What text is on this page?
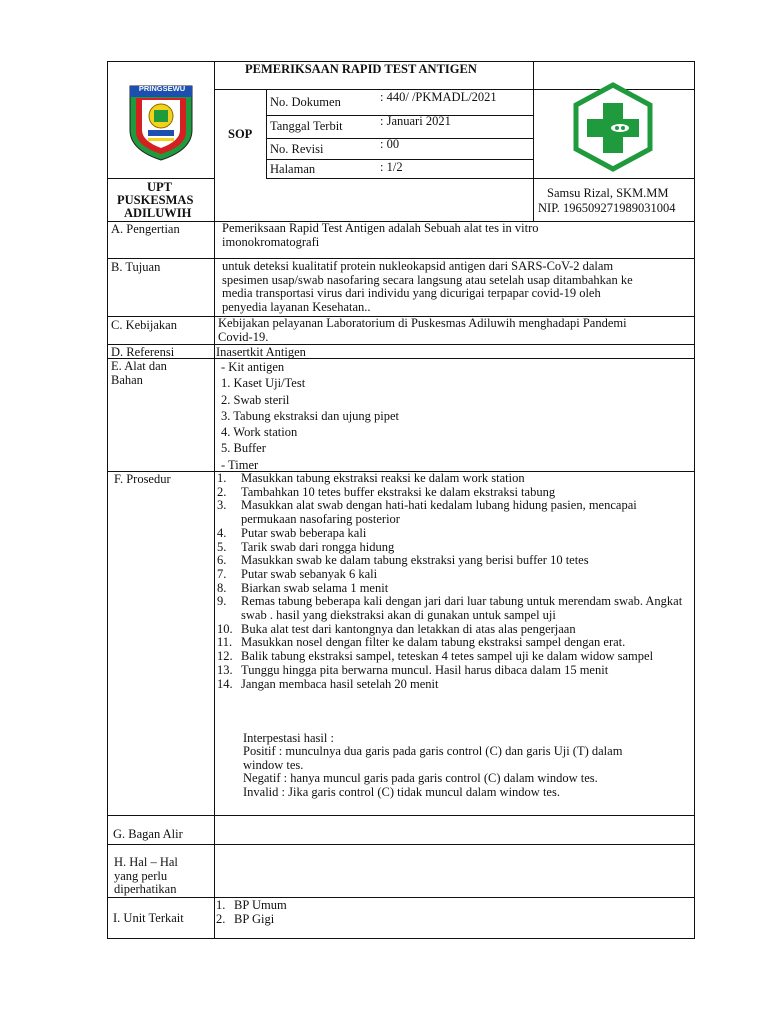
PRINGSEWU
PEMERIKSAAN RAPID TEST ANTIGEN
SOP
No. Dokumen	: 440/ /PKMADL/2021
Tanggal Terbit	: Januari 2021
No. Revisi	: 00
Halaman	: 1/2
UPT
PUSKESMAS
ADILUWIH
Samsu Rizal, SKM.MM
NIP. 196509271989031004
A. Pengertian	Pemeriksaan Rapid Test Antigen adalah Sebuah alat tes in vitro
imonokromatografi
B. Tujuan	untuk deteksi kualitatif protein nukleokapsid antigen dari SARS-CoV-2 dalam
spesimen usap/swab nasofaring secara langsung atau setelah usap ditambahkan ke
media transportasi virus dari individu yang dicurigai terpapar covid-19 oleh
penyedia layanan Kesehatan..
C. Kebijakan	Kebijakan pelayanan Laboratorium di Puskesmas Adiluwih menghadapi Pandemi
Covid-19.
D. Referensi	Inasertkit Antigen
E. Alat dan
Bahan
- Kit antigen
1. Kaset Uji/Test
2. Swab steril
3. Tabung ekstraksi dan ujung pipet
4. Work station
5. Buffer
- Timer
F. Prosedur	1. Masukkan tabung ekstraksi reaksi ke dalam work station
2. Tambahkan 10 tetes buffer ekstraksi ke dalam ekstraksi tabung
3. Masukkan alat swab dengan hati-hati kedalam lubang hidung pasien, mencapai permukaan nasofaring posterior
4. Putar swab beberapa kali
5. Tarik swab dari rongga hidung
6. Masukkan swab ke dalam tabung ekstraksi yang berisi buffer 10 tetes
7. Putar swab sebanyak 6 kali
8. Biarkan swab selama 1 menit
9. Remas tabung beberapa kali dengan jari dari luar tabung untuk merendam swab. Angkat swab . hasil yang diekstraksi akan di gunakan untuk sampel uji
10. Buka alat test dari kantongnya dan letakkan di atas alas pengerjaan
11. Masukkan nosel dengan filter ke dalam tabung ekstraksi sampel dengan erat.
12. Balik tabung ekstraksi sampel, teteskan 4 tetes sampel uji ke dalam widow sampel
13. Tunggu hingga pita berwarna muncul. Hasil harus dibaca dalam 15 menit
14. Jangan membaca hasil setelah 20 menit
Interpestasi hasil :
Positif : munculnya dua garis pada garis control (C) dan garis Uji (T) dalam
window tes.
Negatif : hanya muncul garis pada garis control (C) dalam window tes.
Invalid : Jika garis control (C) tidak muncul dalam window tes.
G. Bagan Alir
H. Hal – Hal
yang perlu
diperhatikan
I. Unit Terkait
1. BP Umum
2. BP Gigi
